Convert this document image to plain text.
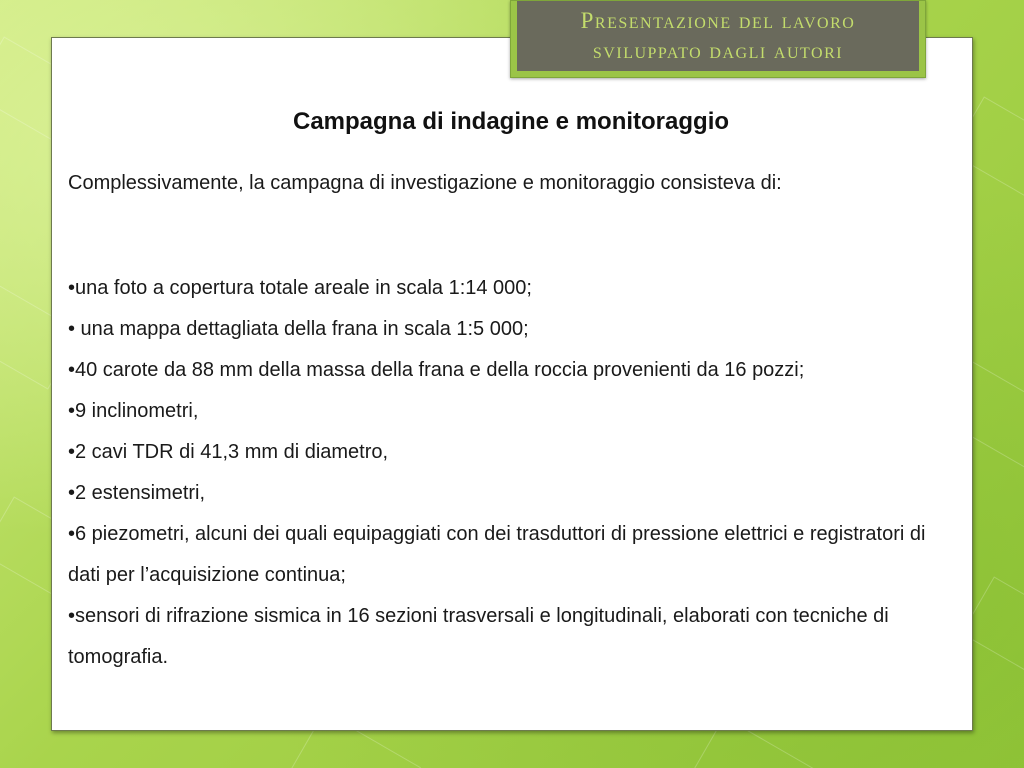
Presentazione del lavoro
sviluppato dagli autori
Campagna di indagine e monitoraggio
Complessivamente, la campagna di investigazione e monitoraggio consisteva di:
•una foto a copertura totale areale in scala 1:14 000;
• una mappa dettagliata della frana in scala 1:5 000;
•40 carote da 88 mm della massa della frana e della roccia provenienti da 16 pozzi;
•9 inclinometri,
•2 cavi TDR di 41,3 mm di diametro,
•2 estensimetri,
•6 piezometri, alcuni dei quali equipaggiati con dei trasduttori di pressione elettrici e registratori di dati per l’acquisizione continua;
•sensori di rifrazione sismica in 16 sezioni trasversali e longitudinali, elaborati con tecniche di tomografia.
